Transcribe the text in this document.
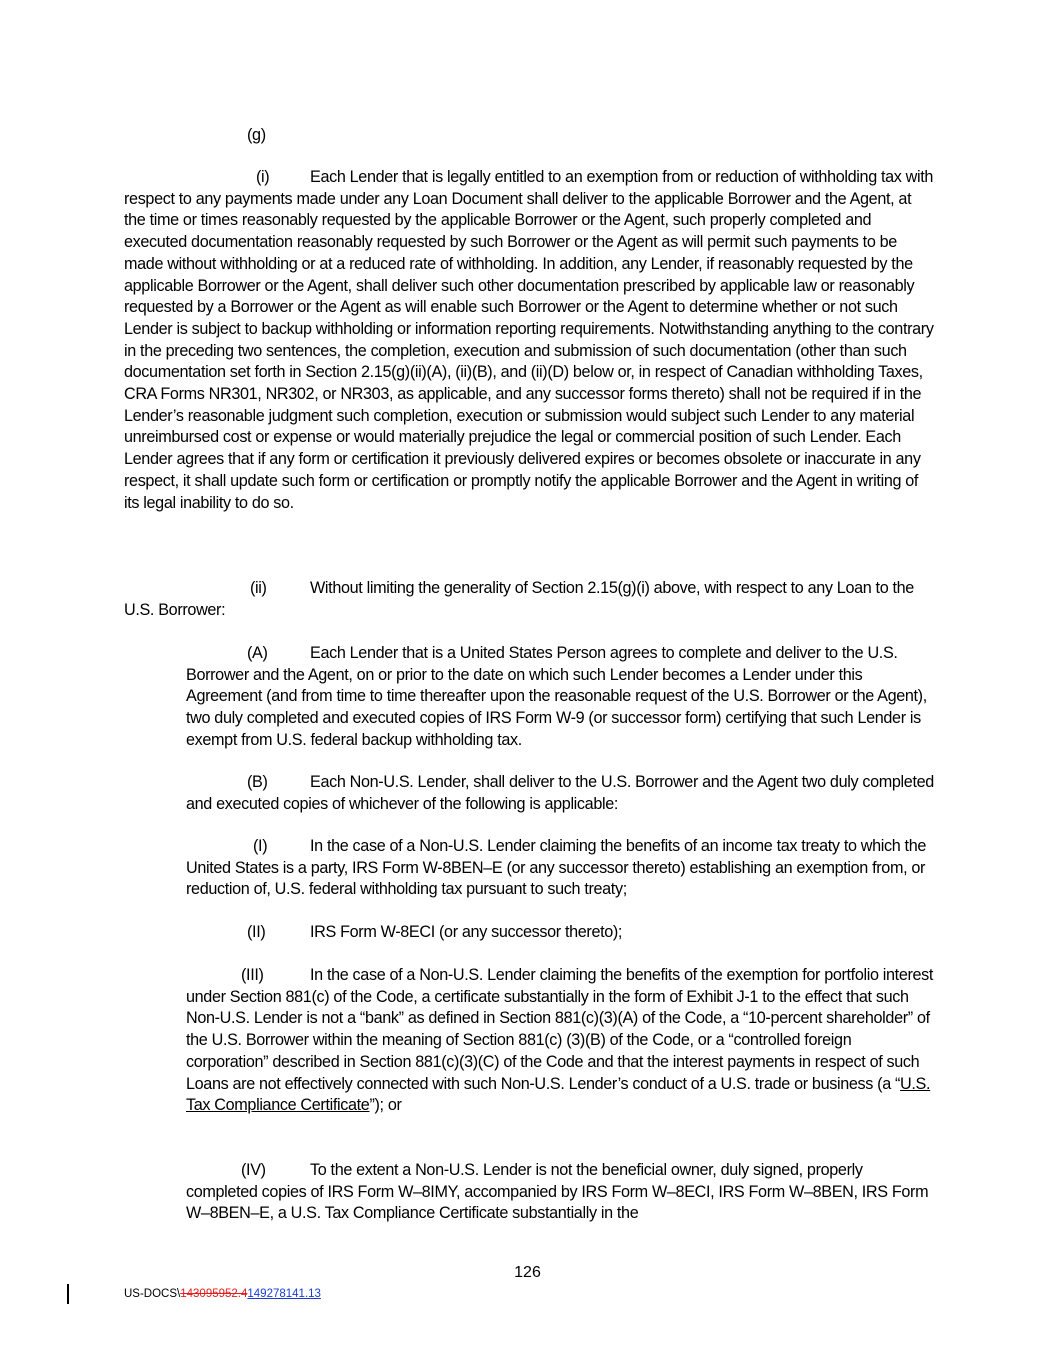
(g)
(i)	Each Lender that is legally entitled to an exemption from or reduction of withholding tax with respect to any payments made under any Loan Document shall deliver to the applicable Borrower and the Agent, at the time or times reasonably requested by the applicable Borrower or the Agent, such properly completed and executed documentation reasonably requested by such Borrower or the Agent as will permit such payments to be made without withholding or at a reduced rate of withholding. In addition, any Lender, if reasonably requested by the applicable Borrower or the Agent, shall deliver such other documentation prescribed by applicable law or reasonably requested by a Borrower or the Agent as will enable such Borrower or the Agent to determine whether or not such Lender is subject to backup withholding or information reporting requirements. Notwithstanding anything to the contrary in the preceding two sentences, the completion, execution and submission of such documentation (other than such documentation set forth in Section 2.15(g)(ii)(A), (ii)(B), and (ii)(D) below or, in respect of Canadian withholding Taxes, CRA Forms NR301, NR302, or NR303, as applicable, and any successor forms thereto) shall not be required if in the Lender’s reasonable judgment such completion, execution or submission would subject such Lender to any material unreimbursed cost or expense or would materially prejudice the legal or commercial position of such Lender. Each Lender agrees that if any form or certification it previously delivered expires or becomes obsolete or inaccurate in any respect, it shall update such form or certification or promptly notify the applicable Borrower and the Agent in writing of its legal inability to do so.
(ii)	Without limiting the generality of Section 2.15(g)(i) above, with respect to any Loan to the U.S. Borrower:
(A)	Each Lender that is a United States Person agrees to complete and deliver to the U.S. Borrower and the Agent, on or prior to the date on which such Lender becomes a Lender under this Agreement (and from time to time thereafter upon the reasonable request of the U.S. Borrower or the Agent), two duly completed and executed copies of IRS Form W-9 (or successor form) certifying that such Lender is exempt from U.S. federal backup withholding tax.
(B)	Each Non-U.S. Lender, shall deliver to the U.S. Borrower and the Agent two duly completed and executed copies of whichever of the following is applicable:
(I)	In the case of a Non-U.S. Lender claiming the benefits of an income tax treaty to which the United States is a party, IRS Form W-8BEN–E (or any successor thereto) establishing an exemption from, or reduction of, U.S. federal withholding tax pursuant to such treaty;
(II)	IRS Form W-8ECI (or any successor thereto);
(III)	In the case of a Non-U.S. Lender claiming the benefits of the exemption for portfolio interest under Section 881(c) of the Code, a certificate substantially in the form of Exhibit J-1 to the effect that such Non-U.S. Lender is not a “bank” as defined in Section 881(c)(3)(A) of the Code, a “10-percent shareholder” of the U.S. Borrower within the meaning of Section 881(c) (3)(B) of the Code, or a “controlled foreign corporation” described in Section 881(c)(3)(C) of the Code and that the interest payments in respect of such Loans are not effectively connected with such Non-U.S. Lender’s conduct of a U.S. trade or business (a “U.S. Tax Compliance Certificate”); or
(IV)	To the extent a Non-U.S. Lender is not the beneficial owner, duly signed, properly completed copies of IRS Form W–8IMY, accompanied by IRS Form W–8ECI, IRS Form W–8BEN, IRS Form W–8BEN–E, a U.S. Tax Compliance Certificate substantially in the
126
US-DOCS\143095952.4149278141.13
